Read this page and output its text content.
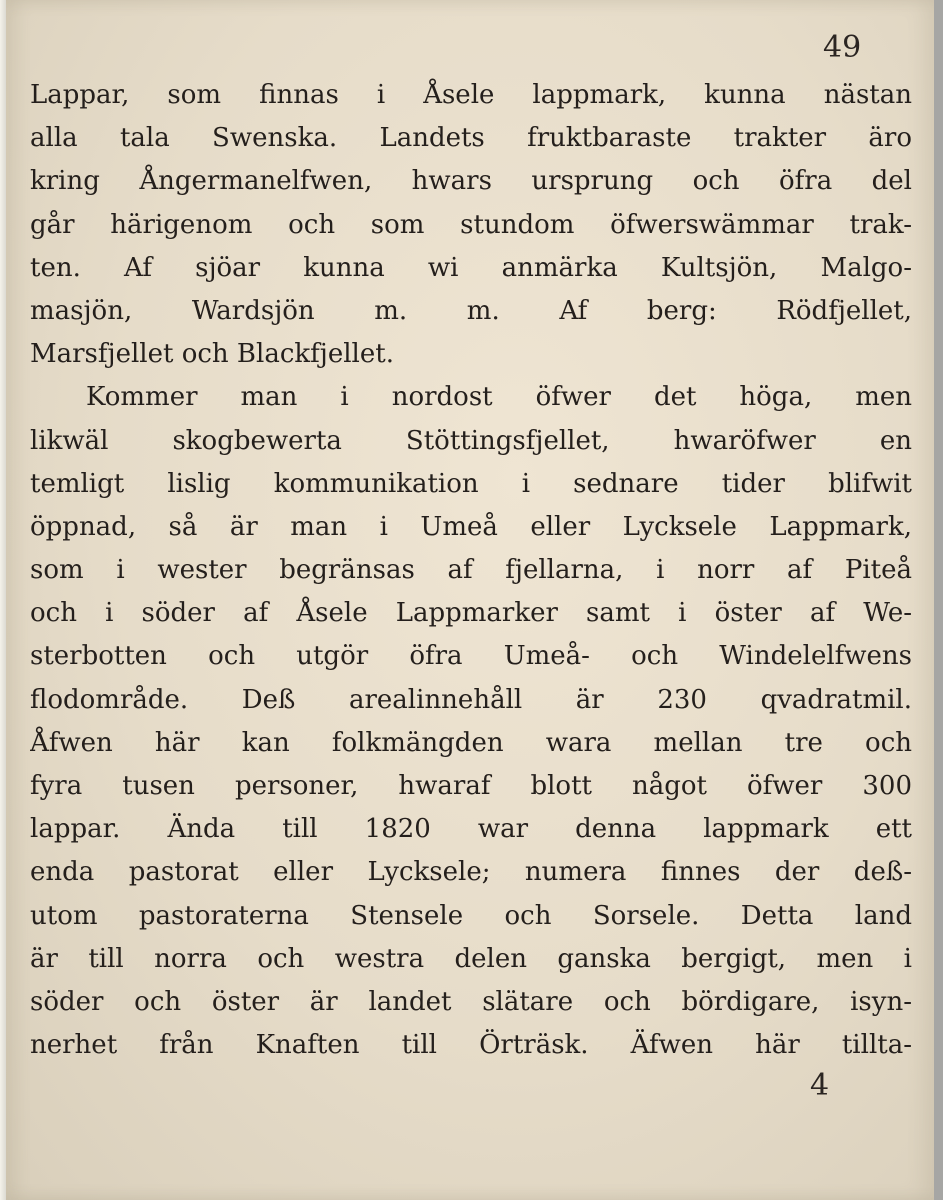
49
Lappar, som finnas i Åsele lappmark, kunna nästan
alla tala Swenska. Landets fruktbaraste trakter äro
kring Ångermanelfwen, hwars ursprung och öfra del
går härigenom och som stundom öfwerswämmar trak-
ten. Af sjöar kunna wi anmärka Kultsjön, Malgo-
masjön, Wardsjön m. m. Af berg: Rödfjellet,
Marsfjellet och Blackfjellet.
Kommer man i nordost öfwer det höga, men
likwäl skogbewerta Stöttingsfjellet, hwaröfwer en
temligt lislig kommunikation i sednare tider blifwit
öppnad, så är man i Umeå eller Lycksele Lappmark,
som i wester begränsas af fjellarna, i norr af Piteå
och i söder af Åsele Lappmarker samt i öster af We-
sterbotten och utgör öfra Umeå- och Windelelfwens
flodområde. Deß arealinnehåll är 230 qvadratmil.
Åfwen här kan folkmängden wara mellan tre och
fyra tusen personer, hwaraf blott något öfwer 300
lappar. Ända till 1820 war denna lappmark ett
enda pastorat eller Lycksele; numera finnes der deß-
utom pastoraterna Stensele och Sorsele. Detta land
är till norra och westra delen ganska bergigt, men i
söder och öster är landet slätare och bördigare, isyn-
nerhet från Knaften till Örträsk. Äfwen här tillta-
4
